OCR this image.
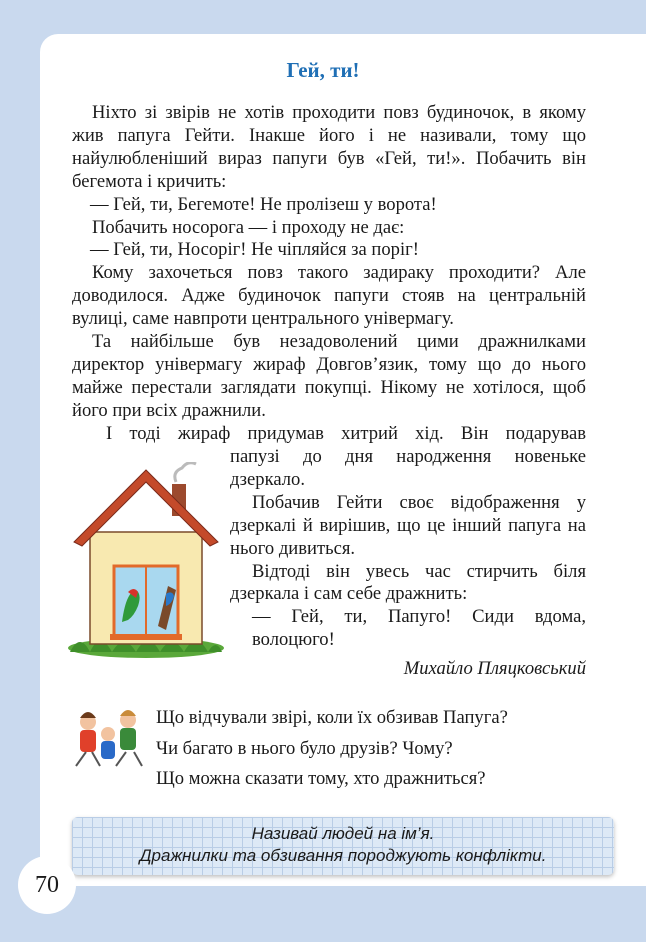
Гей, ти!

Ніхто зі звірів не хотів проходити повз будиночок, в якому жив папуга Гейти. Інакше його і не називали, тому що найулюбленіший вираз папуги був «Гей, ти!». Побачить він бегемота і кричить:

— Гей, ти, Бегемоте! Не пролізеш у ворота!

Побачить носорога — і проходу не дає:

— Гей, ти, Носоріг! Не чіпляйся за поріг!

Кому захочеться повз такого задираку проходити? Але доводилося. Адже будиночок папуги стояв на центральній вулиці, саме навпроти центрального універмагу.

Та найбільше був незадоволений цими дражнилками директор універмагу жираф Довгов’язик, тому що до нього майже перестали заглядати покупці. Нікому не хотілося, щоб його при всіх дражнили.

І тоді жираф придумав хитрий хід. Він подарував

папузі до дня народження новеньке дзеркало.

Побачив Гейти своє відображення у дзеркалі й вирішив, що це інший папуга на нього дивиться.

Відтоді він увесь час стирчить біля дзеркала і сам себе дражнить:

— Гей, ти, Папуго! Сиди вдома, волоцюго!

Михайло Пляцковський
Що відчували звірі, коли їх обзивав Папуга?
Чи багато в нього було друзів? Чому?
Що можна сказати тому, хто дражниться?
Називай людей на ім’я.
Дражнилки та обзивання породжують конфлікти.
70
